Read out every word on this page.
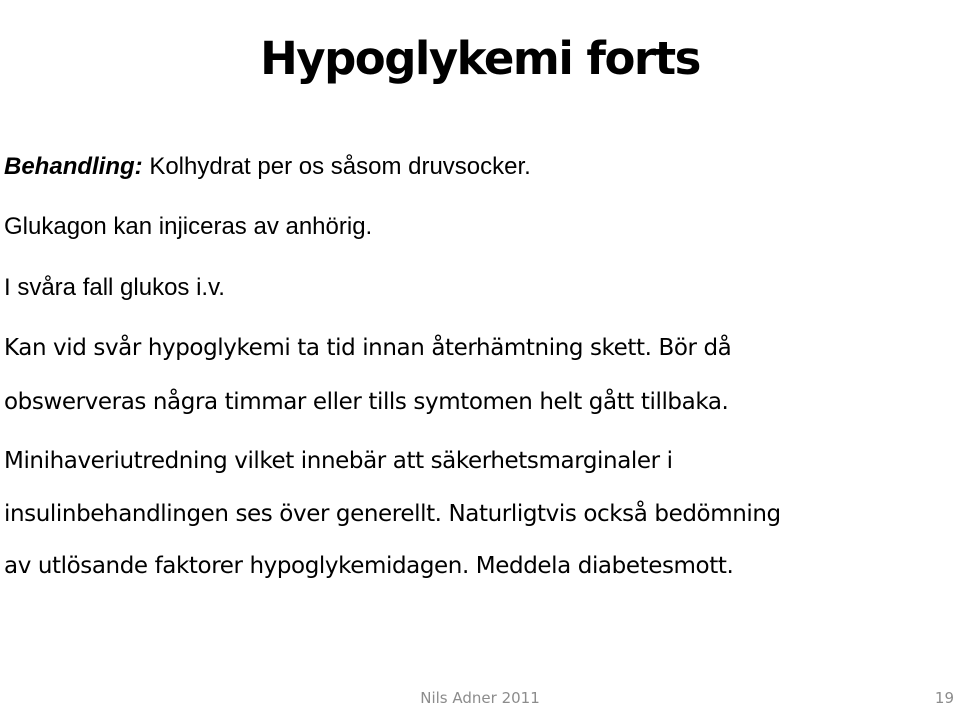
Hypoglykemi forts

Behandling: Kolhydrat per os såsom druvsocker.

Glukagon kan injiceras av anhörig.

I svåra fall glukos i.v.

Kan vid svår hypoglykemi ta tid innan återhämtning skett. Bör då

obswerveras några timmar eller tills symtomen helt gått tillbaka.

Minihaveriutredning vilket innebär att säkerhetsmarginaler i

insulinbehandlingen ses över generellt. Naturligtvis också bedömning

av utlösande faktorer hypoglykemidagen. Meddela diabetesmott.

Nils Adner 2011	19
